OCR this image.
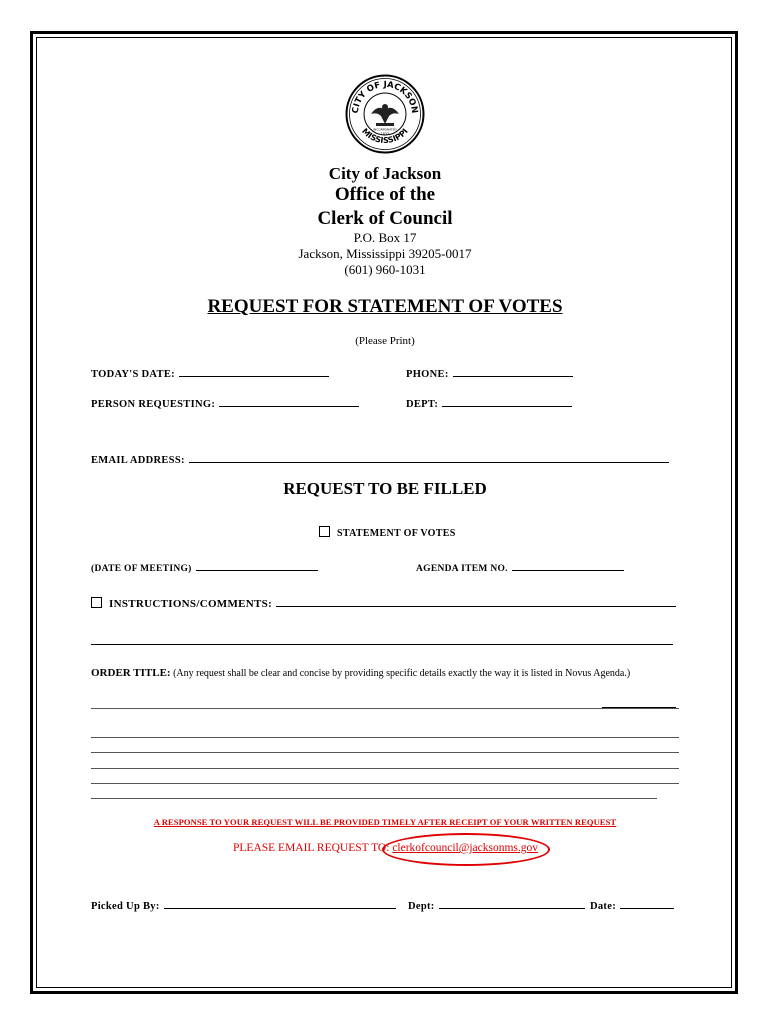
CITY OF JACKSON
MISSISSIPPI
INCORPORATED
1822
City of Jackson
Office of the
Clerk of Council
P.O. Box 17
Jackson, Mississippi 39205-0017
(601) 960-1031
REQUEST FOR STATEMENT OF VOTES
(Please Print)
TODAY'S DATE:	PHONE:
PERSON REQUESTING:	DEPT:
EMAIL ADDRESS:
REQUEST TO BE FILLED
STATEMENT OF VOTES
(DATE OF MEETING)	AGENDA ITEM NO.
INSTRUCTIONS/COMMENTS:
ORDER TITLE: (Any request shall be clear and concise by providing specific details exactly the way it is listed in Novus Agenda.)
A RESPONSE TO YOUR REQUEST WILL BE PROVIDED TIMELY AFTER RECEIPT OF YOUR WRITTEN REQUEST
PLEASE EMAIL REQUEST TO: clerkofcouncil@jacksonms.gov
Picked Up By:	Dept:	Date:
